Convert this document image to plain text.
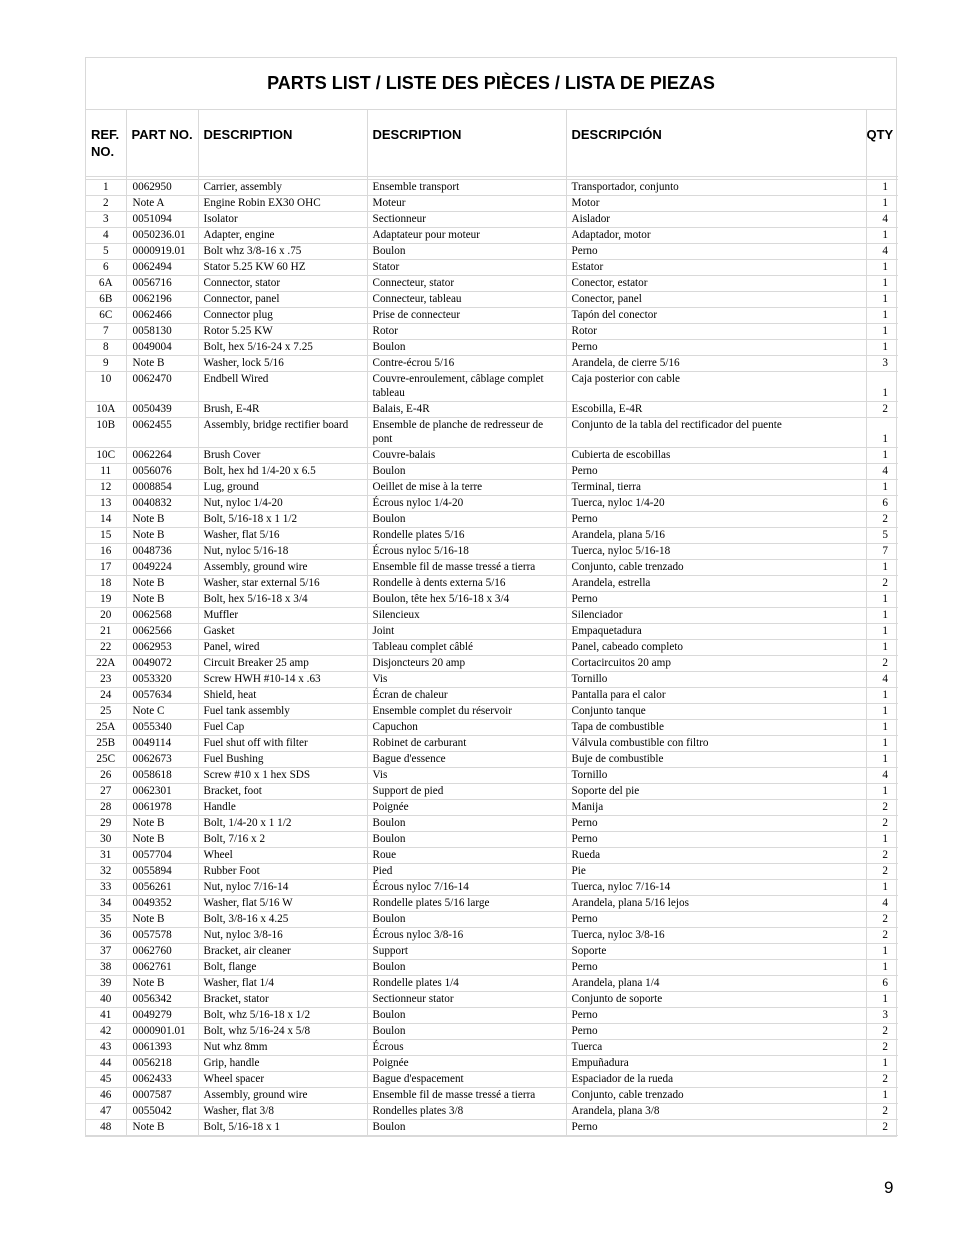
PARTS LIST / LISTE DES PIÈCES / LISTA DE PIEZAS
REF. NO.	PART NO.	DESCRIPTION	DESCRIPTION	DESCRIPCIÓN	QTY

1	0062950	Carrier, assembly	Ensemble transport	Transportador, conjunto	1
2	Note A	Engine Robin EX30 OHC	Moteur	Motor	1
3	0051094	Isolator	Sectionneur	Aislador	4
4	0050236.01	Adapter, engine	Adaptateur pour moteur	Adaptador, motor	1
5	0000919.01	Bolt whz 3/8-16 x .75	Boulon	Perno	4
6	0062494	Stator 5.25 KW 60 HZ	Stator	Estator	1
6A	0056716	Connector, stator	Connecteur, stator	Conector, estator	1
6B	0062196	Connector, panel	Connecteur, tableau	Conector, panel	1
6C	0062466	Connector plug	Prise de connecteur	Tapón del conector	1
7	0058130	Rotor 5.25 KW	Rotor	Rotor	1
8	0049004	Bolt, hex 5/16-24 x 7.25	Boulon	Perno	1
9	Note B	Washer, lock 5/16	Contre-écrou 5/16	Arandela, de cierre 5/16	3
10	0062470	Endbell Wired	Couvre-enroulement, câblage complet tableau	Caja posterior con cable	1
10A	0050439	Brush, E-4R	Balais, E-4R	Escobilla, E-4R	2
10B	0062455	Assembly, bridge rectifier board	Ensemble de planche de redresseur de pont	Conjunto de la tabla del rectificador del puente	1
10C	0062264	Brush Cover	Couvre-balais	Cubierta de escobillas	1
11	0056076	Bolt, hex hd 1/4-20 x 6.5	Boulon	Perno	4
12	0008854	Lug, ground	Oeillet de mise à la terre	Terminal, tierra	1
13	0040832	Nut, nyloc 1/4-20	Écrous nyloc 1/4-20	Tuerca, nyloc 1/4-20	6
14	Note B	Bolt, 5/16-18 x 1 1/2	Boulon	Perno	2
15	Note B	Washer, flat 5/16	Rondelle plates 5/16	Arandela, plana 5/16	5
16	0048736	Nut, nyloc 5/16-18	Écrous nyloc 5/16-18	Tuerca, nyloc 5/16-18	7
17	0049224	Assembly, ground wire	Ensemble fil de masse tressé a tierra	Conjunto, cable trenzado	1
18	Note B	Washer, star external 5/16	Rondelle à dents externa 5/16	Arandela, estrella	2
19	Note B	Bolt, hex 5/16-18 x 3/4	Boulon, tête hex 5/16-18 x 3/4	Perno	1
20	0062568	Muffler	Silencieux	Silenciador	1
21	0062566	Gasket	Joint	Empaquetadura	1
22	0062953	Panel, wired	Tableau complet câblé	Panel, cabeado completo	1
22A	0049072	Circuit Breaker 25 amp	Disjoncteurs 20 amp	Cortacircuitos 20 amp	2
23	0053320	Screw HWH #10-14 x .63	Vis	Tornillo	4
24	0057634	Shield, heat	Écran de chaleur	Pantalla para el calor	1
25	Note C	Fuel tank assembly	Ensemble complet du réservoir	Conjunto tanque	1
25A	0055340	Fuel Cap	Capuchon	Tapa de combustible	1
25B	0049114	Fuel shut off with filter	Robinet de carburant	Válvula combustible con filtro	1
25C	0062673	Fuel Bushing	Bague d'essence	Buje de combustible	1
26	0058618	Screw #10 x 1 hex SDS	Vis	Tornillo	4
27	0062301	Bracket, foot	Support de pied	Soporte del pie	1
28	0061978	Handle	Poignée	Manija	2
29	Note B	Bolt, 1/4-20 x 1 1/2	Boulon	Perno	2
30	Note B	Bolt, 7/16 x 2	Boulon	Perno	1
31	0057704	Wheel	Roue	Rueda	2
32	0055894	Rubber Foot	Pied	Pie	2
33	0056261	Nut, nyloc 7/16-14	Écrous nyloc 7/16-14	Tuerca, nyloc 7/16-14	1
34	0049352	Washer, flat 5/16 W	Rondelle plates 5/16 large	Arandela, plana 5/16 lejos	4
35	Note B	Bolt, 3/8-16 x 4.25	Boulon	Perno	2
36	0057578	Nut, nyloc 3/8-16	Écrous nyloc 3/8-16	Tuerca, nyloc 3/8-16	2
37	0062760	Bracket, air cleaner	Support	Soporte	1
38	0062761	Bolt, flange	Boulon	Perno	1
39	Note B	Washer, flat 1/4	Rondelle plates 1/4	Arandela, plana 1/4	6
40	0056342	Bracket, stator	Sectionneur stator	Conjunto de soporte	1
41	0049279	Bolt, whz 5/16-18 x 1/2	Boulon	Perno	3
42	0000901.01	Bolt, whz 5/16-24 x 5/8	Boulon	Perno	2
43	0061393	Nut whz 8mm	Écrous	Tuerca	2
44	0056218	Grip, handle	Poignée	Empuñadura	1
45	0062433	Wheel spacer	Bague d'espacement	Espaciador de la rueda	2
46	0007587	Assembly, ground wire	Ensemble fil de masse tressé a tierra	Conjunto, cable trenzado	1
47	0055042	Washer, flat 3/8	Rondelles plates 3/8	Arandela, plana 3/8	2
48	Note B	Bolt, 5/16-18 x 1	Boulon	Perno	2
9
